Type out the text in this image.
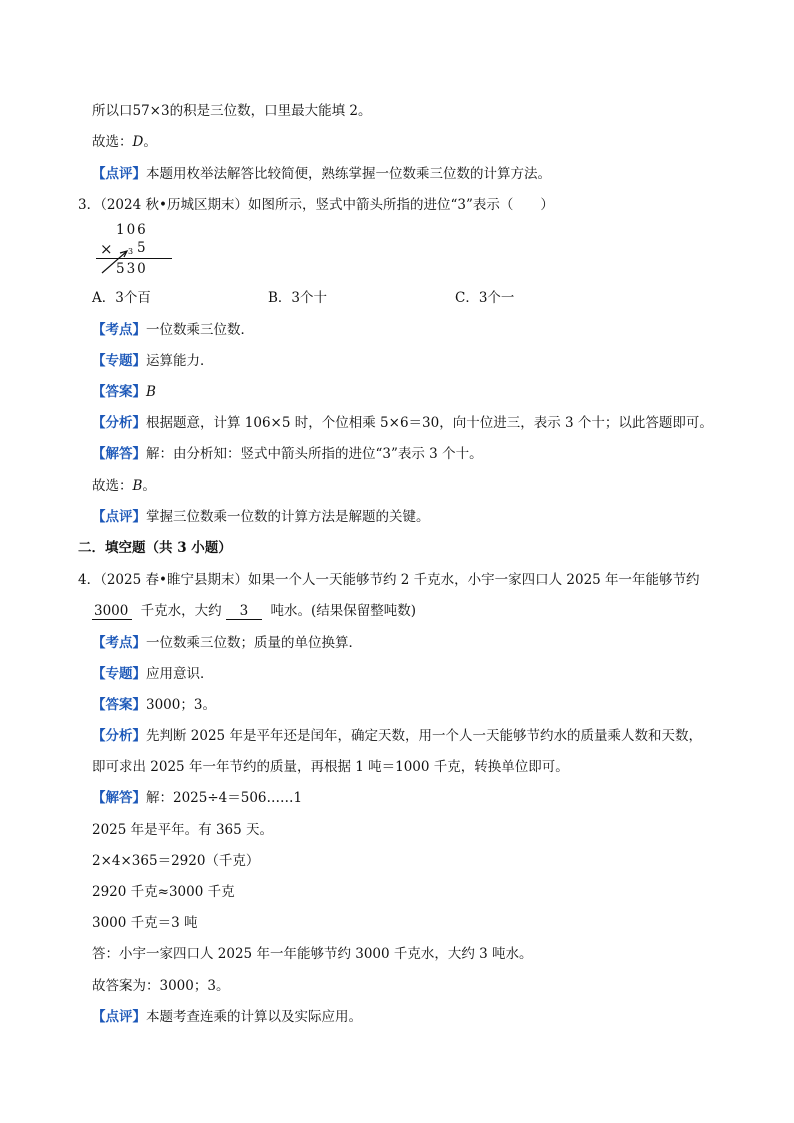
所以口57×3的积是三位数，口里最大能填 2。
故选：D。
【点评】本题用枚举法解答比较简便，熟练掌握一位数乘三位数的计算方法。
3．（2024 秋•历城区期末）如图所示，竖式中箭头所指的进位“3”表示（　　）
106
× 3 5
530
A．3个百	B．3个十	C．3个一
【考点】一位数乘三位数．
【专题】运算能力．
【答案】B
【分析】根据题意，计算 106×5 时，个位相乘 5×6＝30，向十位进三，表示 3 个十；以此答题即可。
【解答】解：由分析知：竖式中箭头所指的进位“3”表示 3 个十。
故选：B。
【点评】掌握三位数乘一位数的计算方法是解题的关键。
二．填空题（共 3 小题）
4．（2025 春•睢宁县期末）如果一个人一天能够节约 2 千克水，小宇一家四口人 2025 年一年能够节约
3000 千克水，大约 3 吨水。(结果保留整吨数)
【考点】一位数乘三位数；质量的单位换算．
【专题】应用意识．
【答案】3000；3。
【分析】先判断 2025 年是平年还是闰年，确定天数，用一个人一天能够节约水的质量乘人数和天数，
即可求出 2025 年一年节约的质量，再根据 1 吨＝1000 千克，转换单位即可。
【解答】解：2025÷4＝506……1
2025 年是平年。有 365 天。
2×4×365＝2920（千克）
2920 千克≈3000 千克
3000 千克＝3 吨
答：小宇一家四口人 2025 年一年能够节约 3000 千克水，大约 3 吨水。
故答案为：3000；3。
【点评】本题考查连乘的计算以及实际应用。
